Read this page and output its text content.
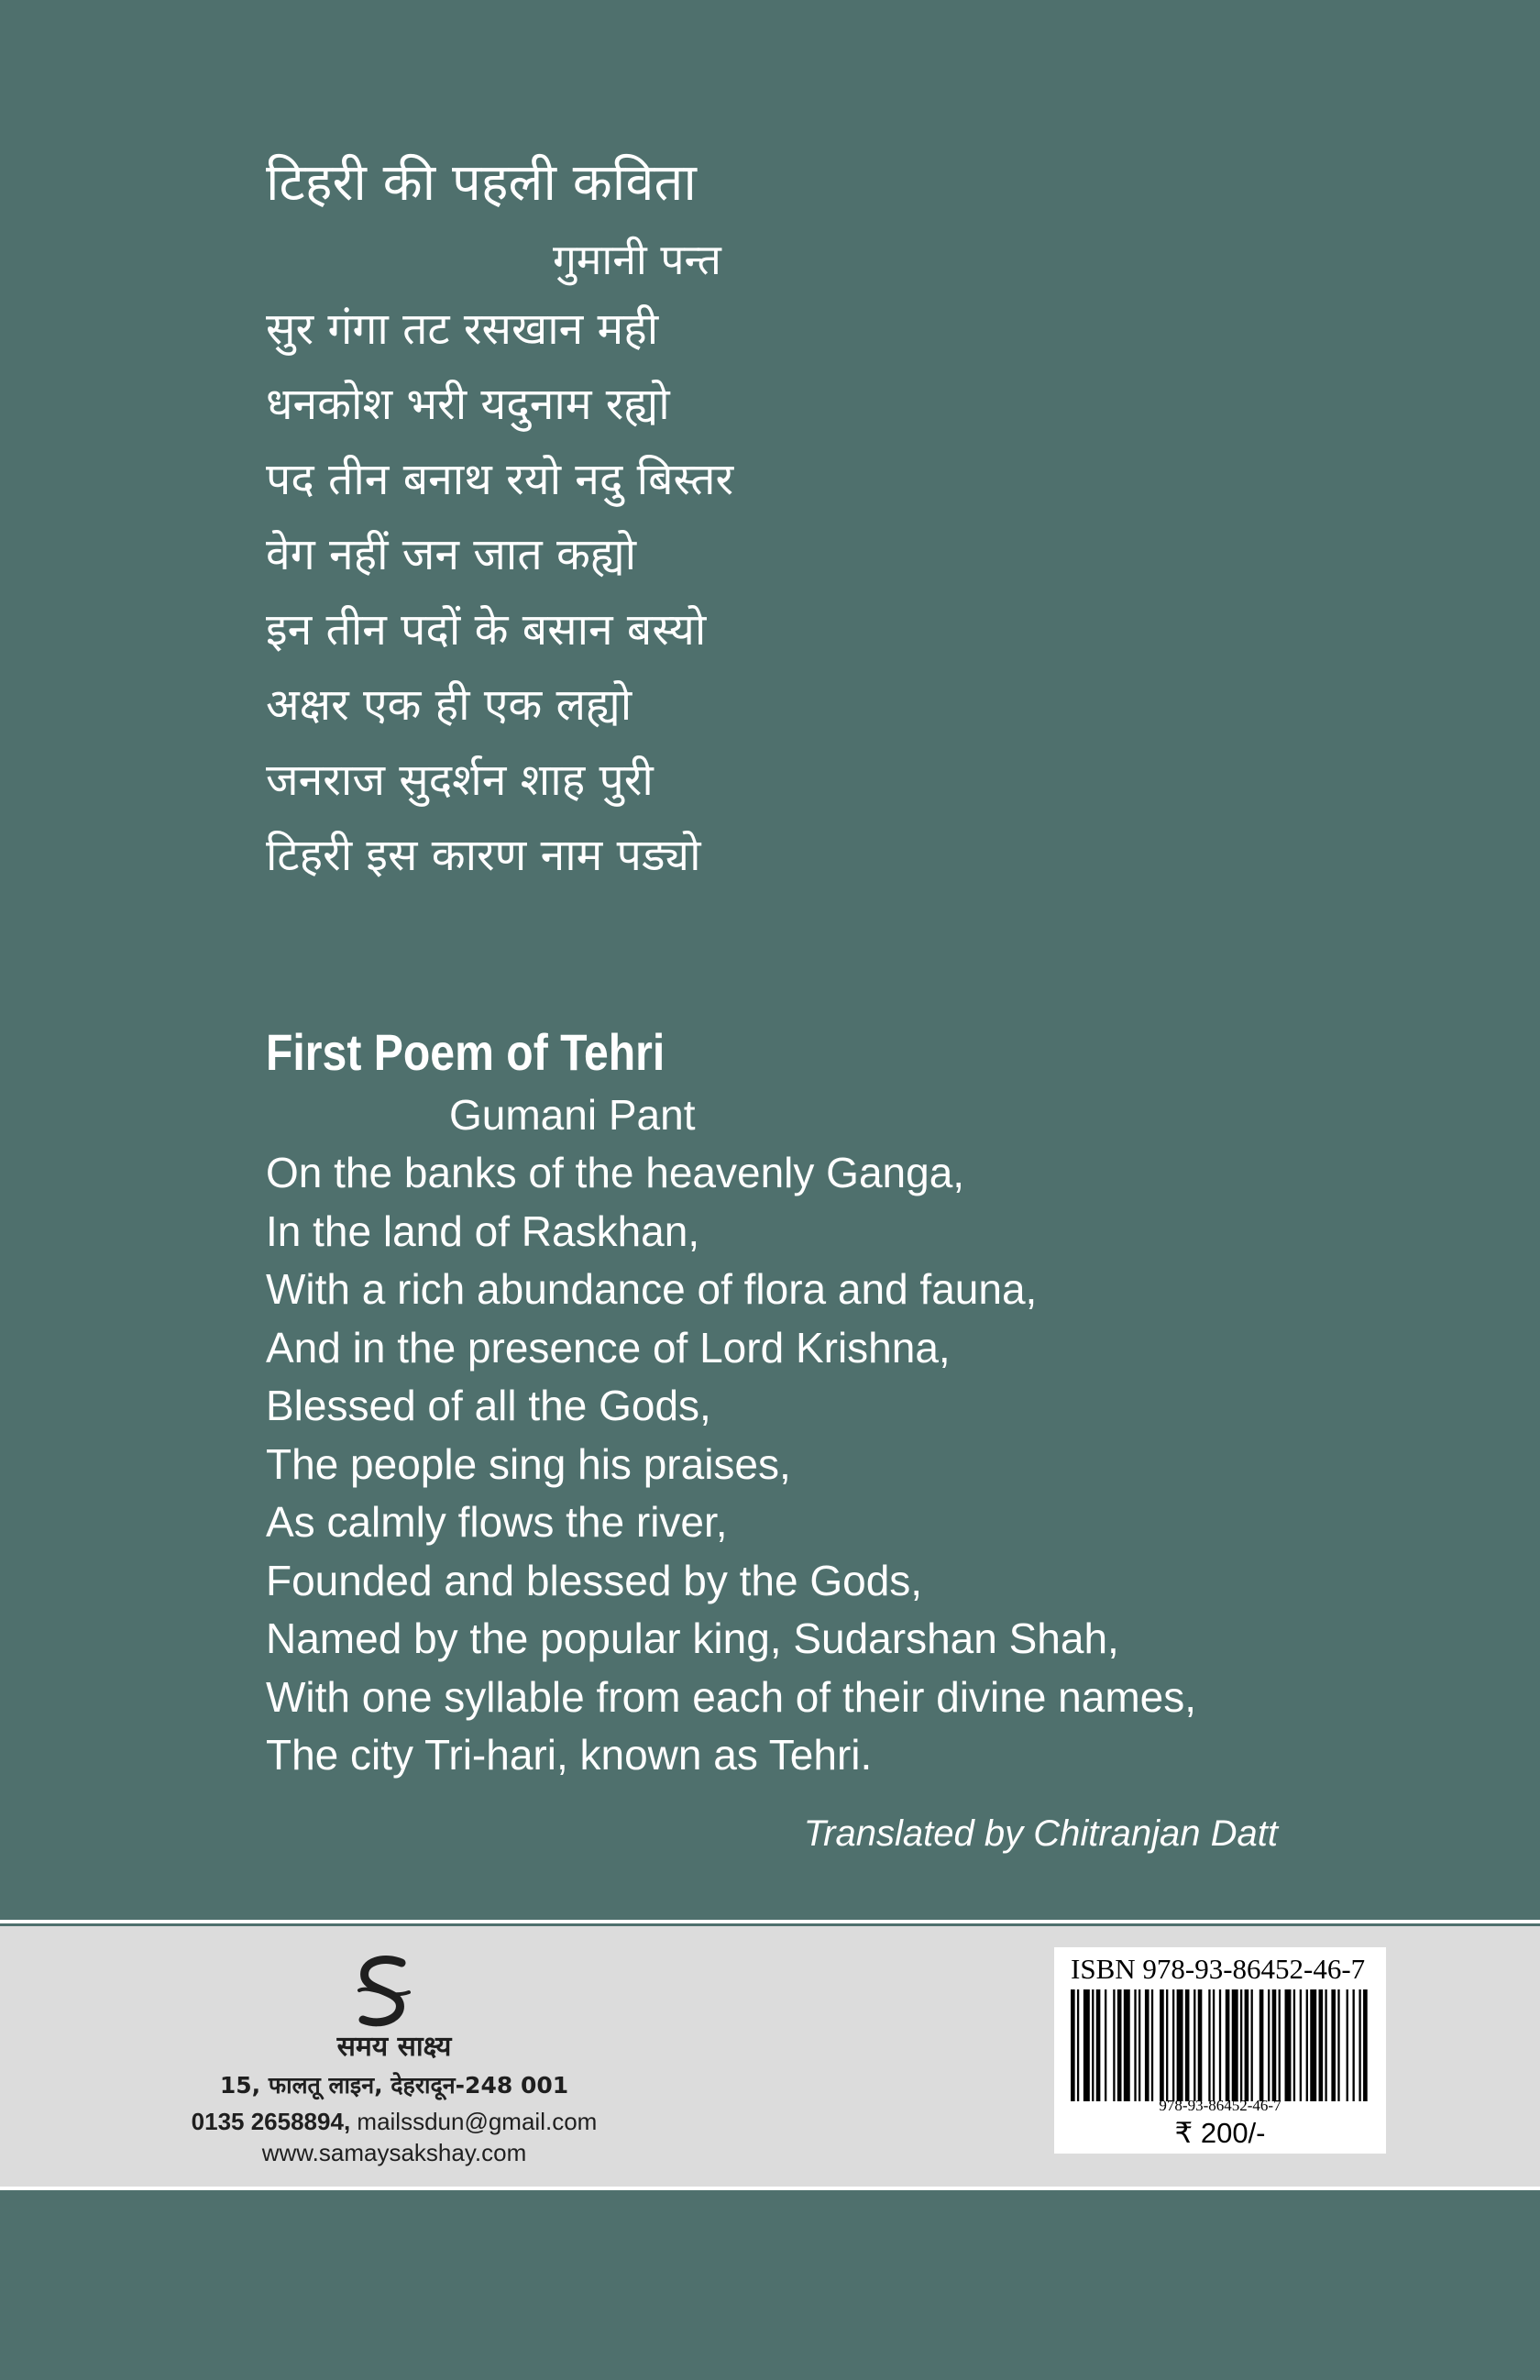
टिहरी की पहली कविता
गुमानी पन्त
सुर गंगा तट रसखान मही
धनकोश भरी यदुनाम रह्यो
पद तीन बनाथ रयो नदु बिस्तर
वेग नहीं जन जात कह्यो
इन तीन पदों के बसान बस्यो
अक्षर एक ही एक लह्यो
जनराज सुदर्शन शाह पुरी
टिहरी इस कारण नाम पड्यो
First Poem of Tehri
Gumani Pant
On the banks of the heavenly Ganga,
In the land of Raskhan,
With a rich abundance of flora and fauna,
And in the presence of Lord Krishna,
Blessed of all the Gods,
The people sing his praises,
As calmly flows the river,
Founded and blessed by the Gods,
Named by the popular king, Sudarshan Shah,
With one syllable from each of their divine names,
The city Tri-hari, known as Tehri.
Translated by Chitranjan Datt
समय साक्ष्य
15, फालतू लाइन, देहरादून-248 001
0135 2658894, mailssdun@gmail.com
www.samaysakshay.com
ISBN 978-93-86452-46-7
978-93-86452-46-7
₹ 200/-
